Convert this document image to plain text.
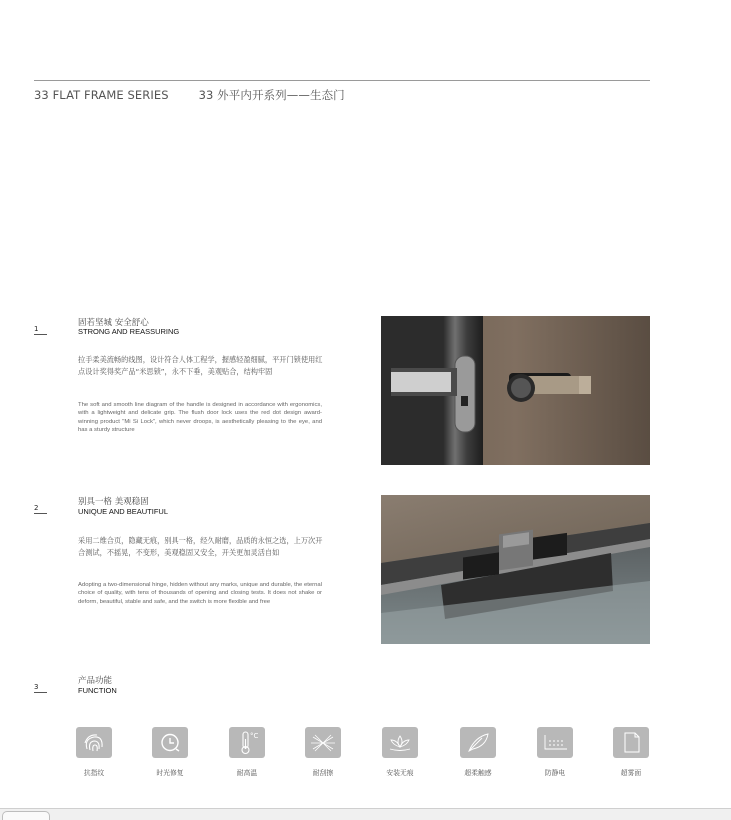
33 FLAT FRAME SERIES	33 外平内开系列——生态门
1
固若坚城 安全舒心
STRONG AND REASSURING
拉手柔美流畅的线图，设计符合人体工程学，握感轻盈细腻，平开门锁使用红点设计奖得奖产品“米思锁”，永不下垂，美观贴合，结构牢固
The soft and smooth line diagram of the handle is designed in accordance with ergonomics, with a lightweight and delicate grip. The flush door lock uses the red dot design award-winning product "Mi Si Lock", which never droops, is aesthetically pleasing to the eye, and has a sturdy structure
2
别具一格 美观稳固
UNIQUE AND BEAUTIFUL
采用二维合页，隐藏无痕，别具一格，经久耐磨，品质的永恒之选，上万次开合测试，不摇晃，不变形，美观稳固又安全，开关更加灵活自如
Adopting a two-dimensional hinge, hidden without any marks, unique and durable, the eternal choice of quality, with tens of thousands of opening and closing tests. It does not shake or deform, beautiful, stable and safe, and the switch is more flexible and free
3
产品功能
FUNCTION
抗指纹	时光修复
°C
耐高温	耐刮擦	安装无痕	超柔触感	防静电	超雾面
